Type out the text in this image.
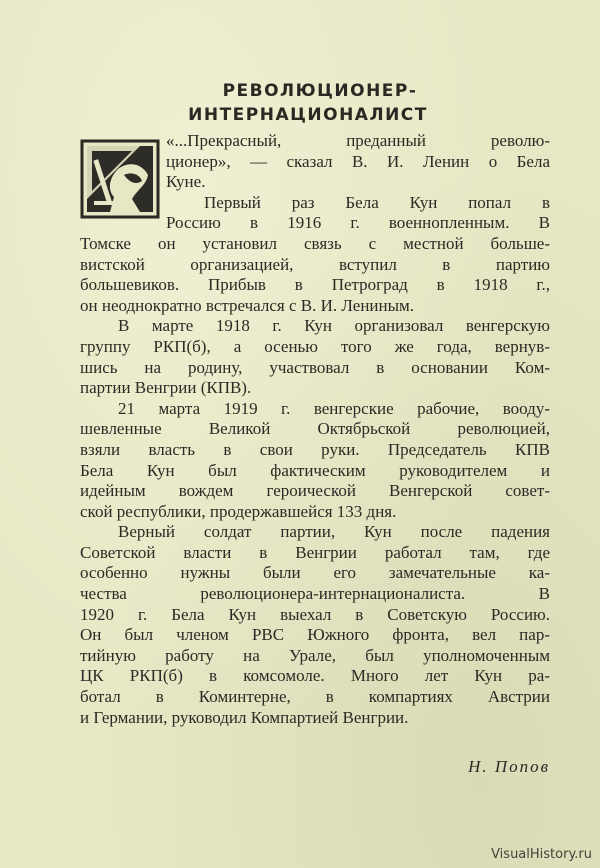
РЕВОЛЮЦИОНЕР-
ИНТЕРНАЦИОНАЛИСТ

«...Прекрасный, преданный револю-
ционер», — сказал В. И. Ленин о Бела
Куне.

Первый раз Бела Кун попал в
Россию в 1916 г. военнопленным. В
Томске он установил связь с местной больше-
вистской организацией, вступил в партию
большевиков. Прибыв в Петроград в 1918 г.,
он неоднократно встречался с В. И. Лениным.

В марте 1918 г. Кун организовал венгерскую
группу РКП(б), а осенью того же года, вернув-
шись на родину, участвовал в основании Ком-
партии Венгрии (КПВ).

21 марта 1919 г. венгерские рабочие, вооду-
шевленные Великой Октябрьской революцией,
взяли власть в свои руки. Председатель КПВ
Бела Кун был фактическим руководителем и
идейным вождем героической Венгерской совет-
ской республики, продержавшейся 133 дня.

Верный солдат партии, Кун после падения
Советской власти в Венгрии работал там, где
особенно нужны были его замечательные ка-
чества революционера-интернационалиста. В
1920 г. Бела Кун выехал в Советскую Россию.
Он был членом РВС Южного фронта, вел пар-
тийную работу на Урале, был уполномоченным
ЦК РКП(б) в комсомоле. Много лет Кун ра-
ботал в Коминтерне, в компартиях Австрии
и Германии, руководил Компартией Венгрии.

Н. Попов
VisualHistory.ru
